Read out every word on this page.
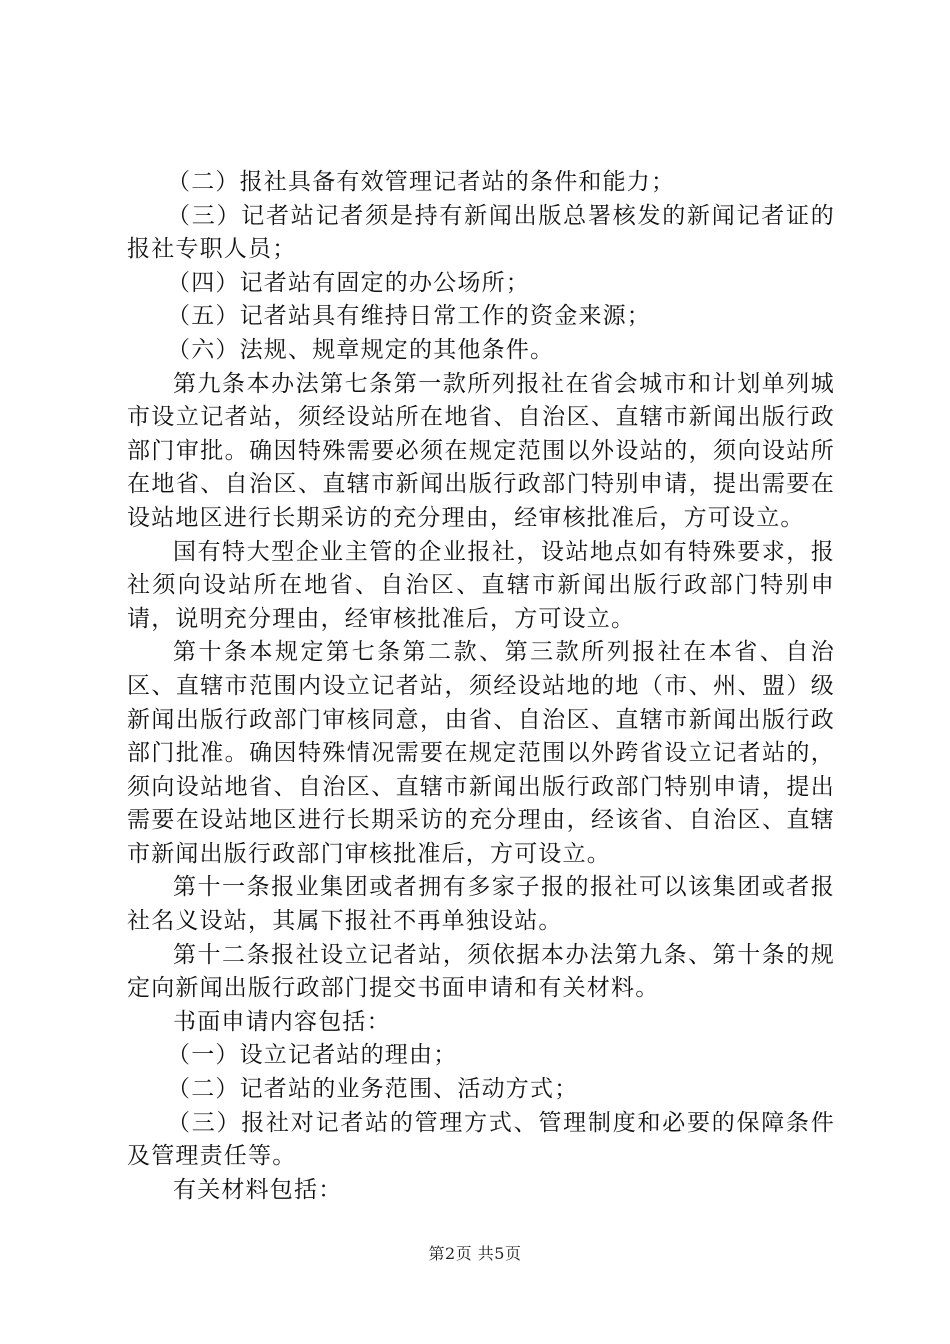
（二）报社具备有效管理记者站的条件和能力；

（三）记者站记者须是持有新闻出版总署核发的新闻记者证的报社专职人员；

（四）记者站有固定的办公场所；

（五）记者站具有维持日常工作的资金来源；

（六）法规、规章规定的其他条件。

第九条本办法第七条第一款所列报社在省会城市和计划单列城市设立记者站，须经设站所在地省、自治区、直辖市新闻出版行政部门审批。确因特殊需要必须在规定范围以外设站的，须向设站所在地省、自治区、直辖市新闻出版行政部门特别申请，提出需要在设站地区进行长期采访的充分理由，经审核批准后，方可设立。

国有特大型企业主管的企业报社，设站地点如有特殊要求，报社须向设站所在地省、自治区、直辖市新闻出版行政部门特别申请，说明充分理由，经审核批准后，方可设立。

第十条本规定第七条第二款、第三款所列报社在本省、自治区、直辖市范围内设立记者站，须经设站地的地（市、州、盟）级新闻出版行政部门审核同意，由省、自治区、直辖市新闻出版行政部门批准。确因特殊情况需要在规定范围以外跨省设立记者站的，须向设站地省、自治区、直辖市新闻出版行政部门特别申请，提出需要在设站地区进行长期采访的充分理由，经该省、自治区、直辖市新闻出版行政部门审核批准后，方可设立。

第十一条报业集团或者拥有多家子报的报社可以该集团或者报社名义设站，其属下报社不再单独设站。

第十二条报社设立记者站，须依据本办法第九条、第十条的规定向新闻出版行政部门提交书面申请和有关材料。

书面申请内容包括：

（一）设立记者站的理由；

（二）记者站的业务范围、活动方式；

（三）报社对记者站的管理方式、管理制度和必要的保障条件及管理责任等。

有关材料包括：

第2页 共5页
